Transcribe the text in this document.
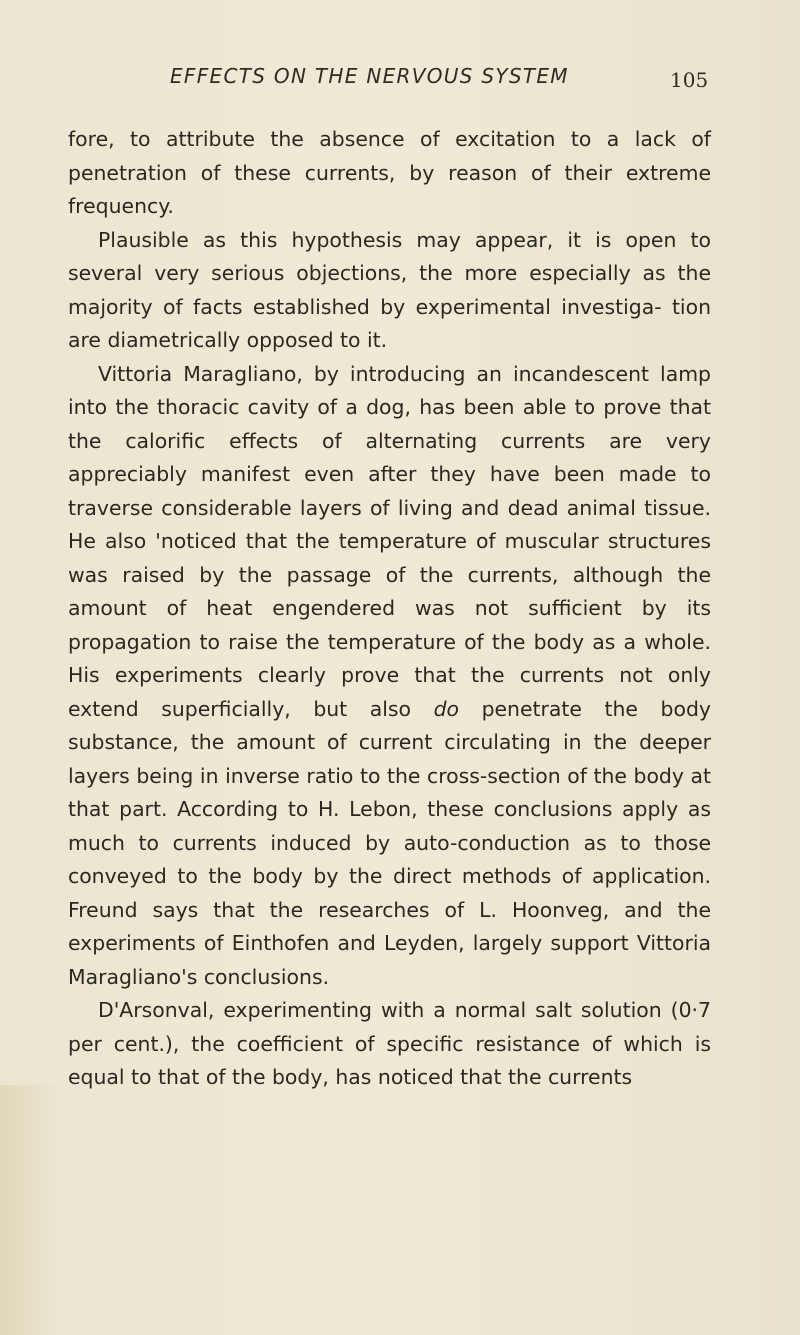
EFFECTS ON THE NERVOUS SYSTEM	105

fore, to attribute the absence of excitation to a lack of penetration of these currents, by reason of their extreme frequency.

Plausible as this hypothesis may appear, it is open to several very serious objections, the more especially as the majority of facts established by experimental investiga- tion are diametrically opposed to it.

Vittoria Maragliano, by introducing an incandescent lamp into the thoracic cavity of a dog, has been able to prove that the calorific effects of alternating currents are very appreciably manifest even after they have been made to traverse considerable layers of living and dead animal tissue. He also 'noticed that the temperature of muscular structures was raised by the passage of the currents, although the amount of heat engendered was not sufficient by its propagation to raise the temperature of the body as a whole. His experiments clearly prove that the currents not only extend superficially, but also do penetrate the body substance, the amount of current circulating in the deeper layers being in inverse ratio to the cross-section of the body at that part. According to H. Lebon, these conclusions apply as much to currents induced by auto-conduction as to those conveyed to the body by the direct methods of application. Freund says that the researches of L. Hoonveg, and the experiments of Einthofen and Leyden, largely support Vittoria Maragliano's conclusions.

D'Arsonval, experimenting with a normal salt solution (0·7 per cent.), the coefficient of specific resistance of which is equal to that of the body, has noticed that the currents
